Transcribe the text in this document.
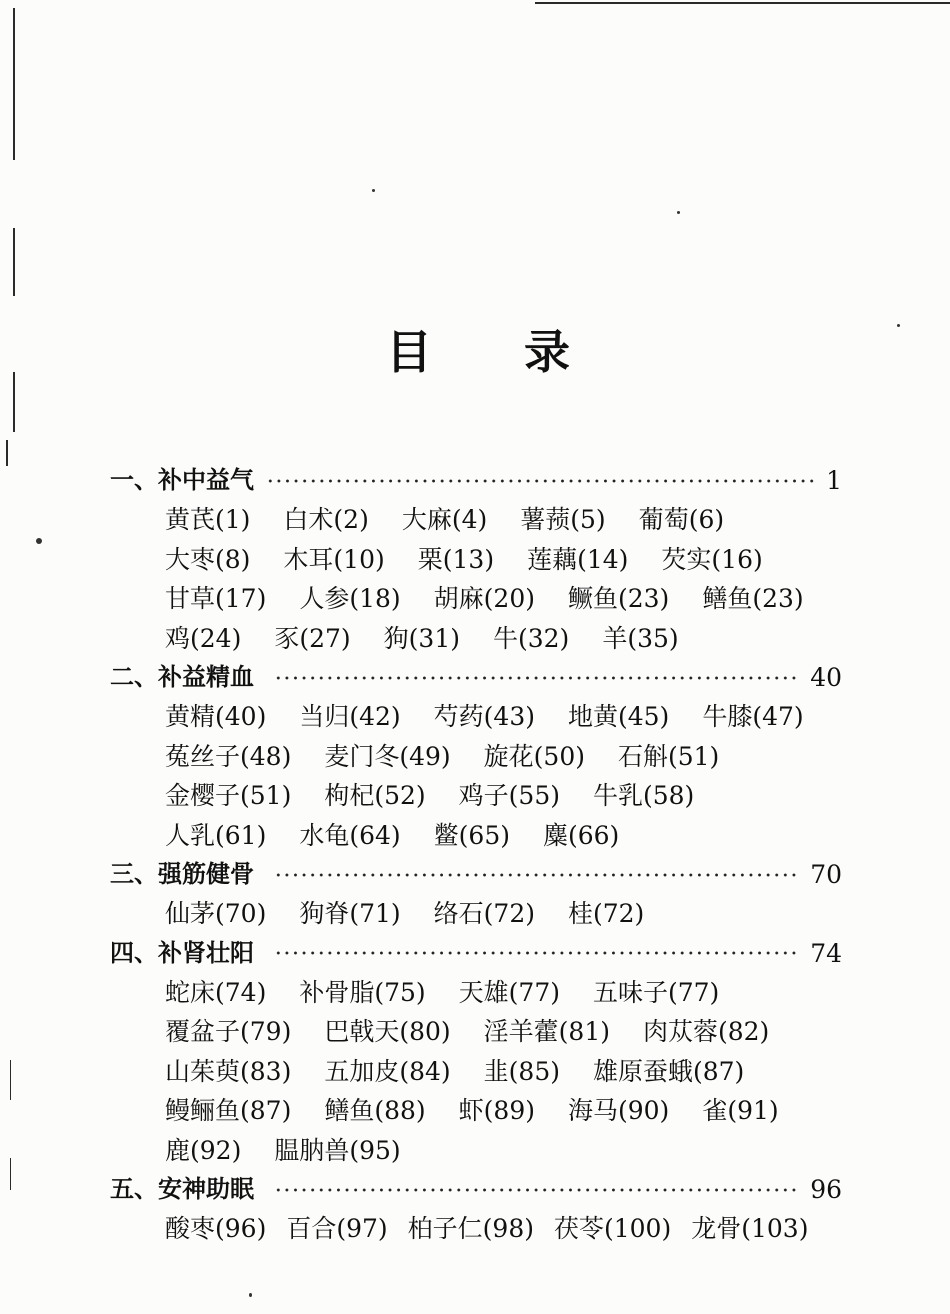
目录
一、补中益气	1
黄芪(1) 白术(2) 大麻(4) 薯蓣(5) 葡萄(6)
大枣(8) 木耳(10) 栗(13) 莲藕(14) 芡实(16)
甘草(17) 人参(18) 胡麻(20) 鳜鱼(23) 鳝鱼(23)
鸡(24) 豕(27) 狗(31) 牛(32) 羊(35)
二、补益精血	40
黄精(40) 当归(42) 芍药(43) 地黄(45) 牛膝(47)
菟丝子(48) 麦门冬(49) 旋花(50) 石斛(51)
金樱子(51) 枸杞(52) 鸡子(55) 牛乳(58)
人乳(61) 水龟(64) 鳖(65) 麋(66)
三、强筋健骨	70
仙茅(70) 狗脊(71) 络石(72) 桂(72)
四、补肾壮阳	74
蛇床(74) 补骨脂(75) 天雄(77) 五味子(77)
覆盆子(79) 巴戟天(80) 淫羊藿(81) 肉苁蓉(82)
山茱萸(83) 五加皮(84) 韭(85) 雄原蚕蛾(87)
鳗鲡鱼(87) 鳝鱼(88) 虾(89) 海马(90) 雀(91)
鹿(92) 腽肭兽(95)
五、安神助眠	96
酸枣(96) 百合(97) 柏子仁(98) 茯苓(100) 龙骨(103)
